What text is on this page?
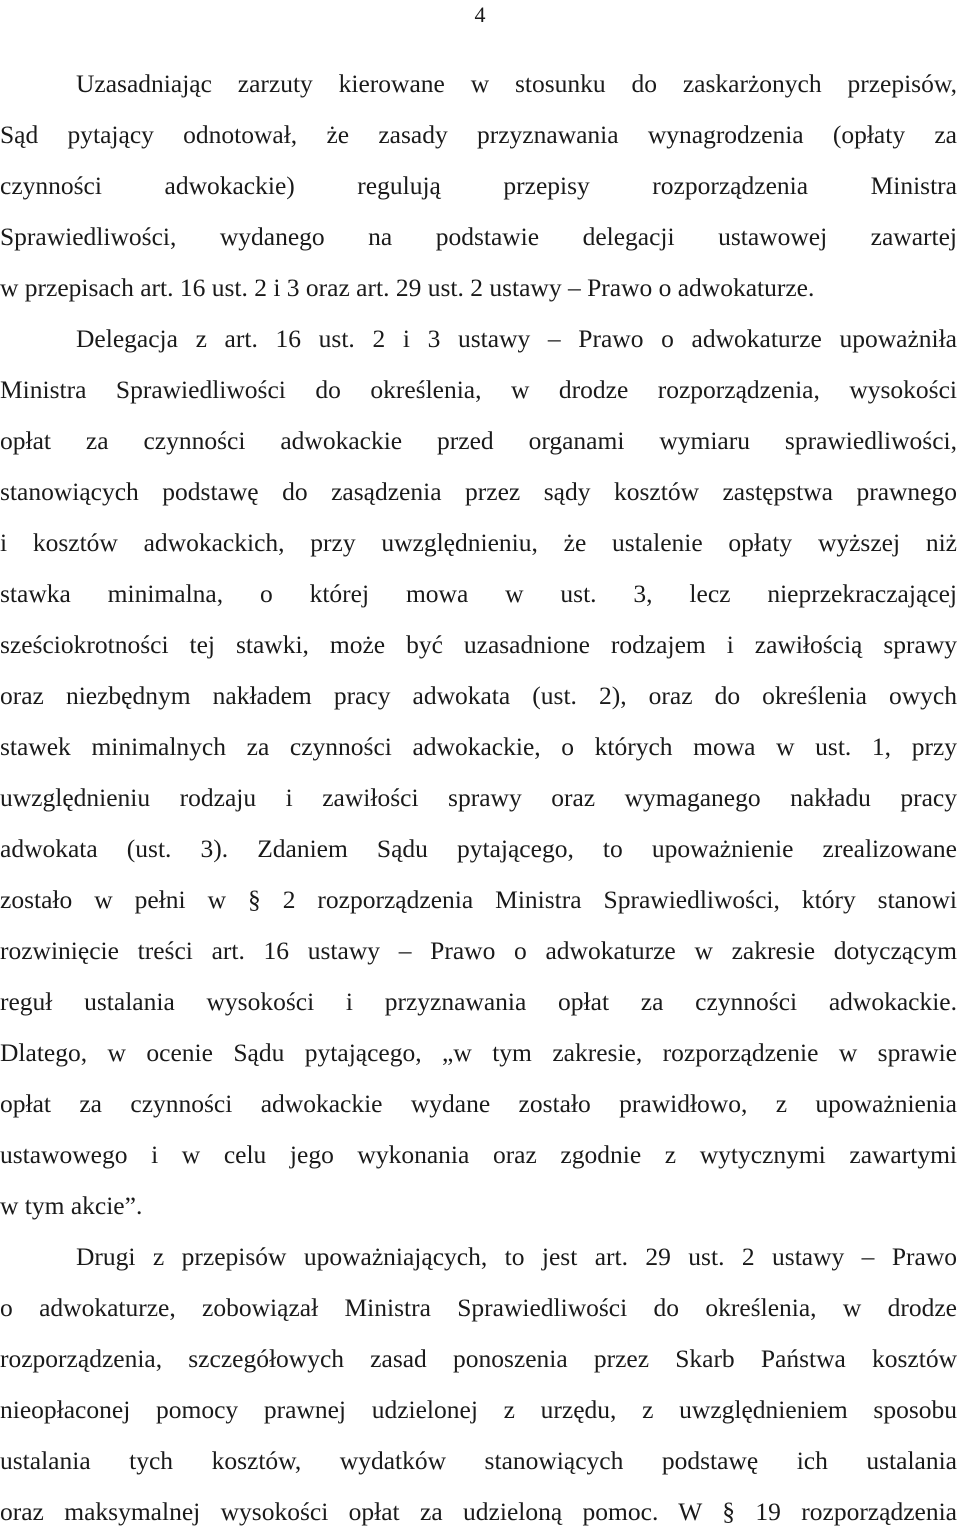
4
Uzasadniając zarzuty kierowane w stosunku do zaskarżonych przepisów,
Sąd pytający odnotował, że zasady przyznawania wynagrodzenia (opłaty za
czynności adwokackie) regulują przepisy rozporządzenia Ministra
Sprawiedliwości, wydanego na podstawie delegacji ustawowej zawartej
w przepisach art. 16 ust. 2 i 3 oraz art. 29 ust. 2 ustawy ‒ Prawo o adwokaturze.
Delegacja z art. 16 ust. 2 i 3 ustawy ‒ Prawo o adwokaturze upoważniła
Ministra Sprawiedliwości do określenia, w drodze rozporządzenia, wysokości
opłat za czynności adwokackie przed organami wymiaru sprawiedliwości,
stanowiących podstawę do zasądzenia przez sądy kosztów zastępstwa prawnego
i kosztów adwokackich, przy uwzględnieniu, że ustalenie opłaty wyższej niż
stawka minimalna, o której mowa w ust. 3, lecz nieprzekraczającej
sześciokrotności tej stawki, może być uzasadnione rodzajem i zawiłością sprawy
oraz niezbędnym nakładem pracy adwokata (ust. 2), oraz do określenia owych
stawek minimalnych za czynności adwokackie, o których mowa w ust. 1, przy
uwzględnieniu rodzaju i zawiłości sprawy oraz wymaganego nakładu pracy
adwokata (ust. 3). Zdaniem Sądu pytającego, to upoważnienie zrealizowane
zostało w pełni w § 2 rozporządzenia Ministra Sprawiedliwości, który stanowi
rozwinięcie treści art. 16 ustawy ‒ Prawo o adwokaturze w zakresie dotyczącym
reguł ustalania wysokości i przyznawania opłat za czynności adwokackie.
Dlatego, w ocenie Sądu pytającego, „w tym zakresie, rozporządzenie w sprawie
opłat za czynności adwokackie wydane zostało prawidłowo, z upoważnienia
ustawowego i w celu jego wykonania oraz zgodnie z wytycznymi zawartymi
w tym akcie”.
Drugi z przepisów upoważniających, to jest art. 29 ust. 2 ustawy ‒ Prawo
o adwokaturze, zobowiązał Ministra Sprawiedliwości do określenia, w drodze
rozporządzenia, szczegółowych zasad ponoszenia przez Skarb Państwa kosztów
nieopłaconej pomocy prawnej udzielonej z urzędu, z uwzględnieniem sposobu
ustalania tych kosztów, wydatków stanowiących podstawę ich ustalania
oraz maksymalnej wysokości opłat za udzieloną pomoc. W § 19 rozporządzenia
